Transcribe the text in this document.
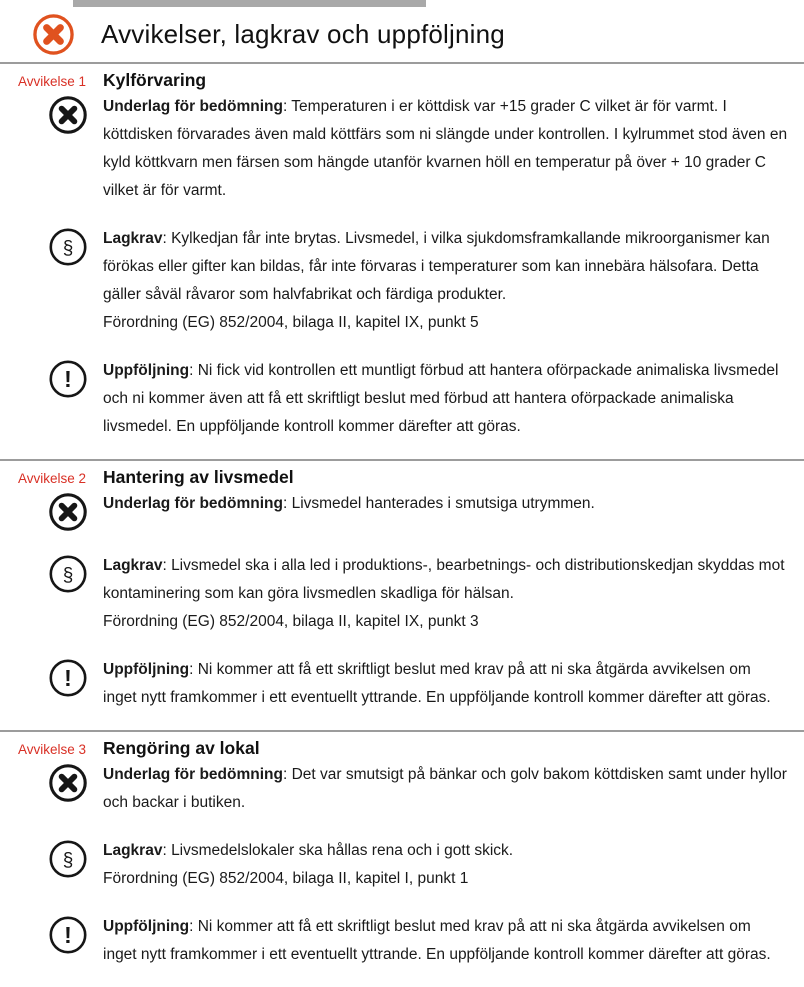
Avvikelser, lagkrav och uppföljning
Avvikelse 1 Kylförvaring

Underlag för bedömning: Temperaturen i er köttdisk var +15 grader C vilket är för varmt. I köttdisken förvarades även mald köttfärs som ni slängde under kontrollen. I kylrummet stod även en kyld köttkvarn men färsen som hängde utanför kvarnen höll en temperatur på över + 10 grader C vilket är för varmt.

§ Lagkrav: Kylkedjan får inte brytas. Livsmedel, i vilka sjukdomsframkallande mikroorganismer kan förökas eller gifter kan bildas, får inte förvaras i temperaturer som kan innebära hälsofara. Detta gäller såväl råvaror som halvfabrikat och färdiga produkter.

Förordning (EG) 852/2004, bilaga II, kapitel IX, punkt 5
! Uppföljning: Ni fick vid kontrollen ett muntligt förbud att hantera oförpackade animaliska livsmedel och ni kommer även att få ett skriftligt beslut med förbud att hantera oförpackade animaliska livsmedel. En uppföljande kontroll kommer därefter att göras.

Avvikelse 2 Hantering av livsmedel

Underlag för bedömning: Livsmedel hanterades i smutsiga utrymmen.

§ Lagkrav: Livsmedel ska i alla led i produktions-, bearbetnings- och distributionskedjan skyddas mot kontaminering som kan göra livsmedlen skadliga för hälsan.

Förordning (EG) 852/2004, bilaga II, kapitel IX, punkt 3
! Uppföljning: Ni kommer att få ett skriftligt beslut med krav på att ni ska åtgärda avvikelsen om inget nytt framkommer i ett eventuellt yttrande. En uppföljande kontroll kommer därefter att göras.

Avvikelse 3 Rengöring av lokal

Underlag för bedömning: Det var smutsigt på bänkar och golv bakom köttdisken samt under hyllor och backar i butiken.

§ Lagkrav: Livsmedelslokaler ska hållas rena och i gott skick.

Förordning (EG) 852/2004, bilaga II, kapitel I, punkt 1
! Uppföljning: Ni kommer att få ett skriftligt beslut med krav på att ni ska åtgärda avvikelsen om inget nytt framkommer i ett eventuellt yttrande. En uppföljande kontroll kommer därefter att göras.
